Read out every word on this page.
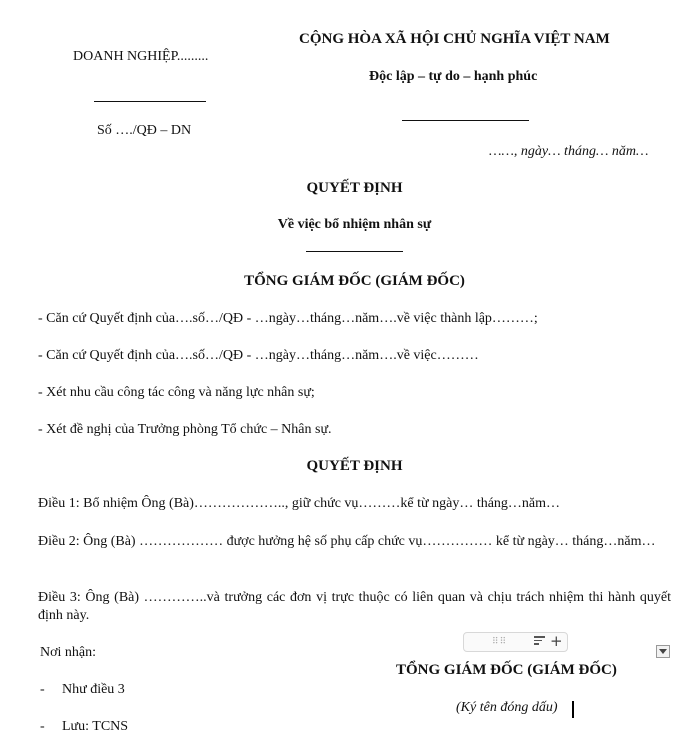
DOANH NGHIỆP.........
Số …./QĐ – DN
CỘNG HÒA XÃ HỘI CHỦ NGHĨA VIỆT NAM
Độc lập – tự do – hạnh phúc
……, ngày… tháng… năm…
QUYẾT ĐỊNH
Về việc bổ nhiệm nhân sự
TỔNG GIÁM ĐỐC (GIÁM ĐỐC)
- Căn cứ Quyết định của….số…/QĐ - …ngày…tháng…năm….về việc thành lập………;
- Căn cứ Quyết định của….số…/QĐ - …ngày…tháng…năm….về việc………
- Xét nhu cầu công tác công và năng lực nhân sự;
- Xét đề nghị của Trưởng phòng Tổ chức – Nhân sự.
QUYẾT ĐỊNH
Điều 1: Bổ nhiệm Ông (Bà)……………….., giữ chức vụ………kể từ ngày… tháng…năm…
Điều 2: Ông (Bà) ……………… được hưởng hệ số phụ cấp chức vụ…………… kể từ ngày… tháng…năm…
Điều 3: Ông (Bà) …………..và trưởng các đơn vị trực thuộc có liên quan và chịu trách nhiệm thi hành quyết định này.
Nơi nhận:
- Như điều 3
- Lưu: TCNS
⠿⠿	+
TỔNG GIÁM ĐỐC (GIÁM ĐỐC)
(Ký tên đóng dấu)
